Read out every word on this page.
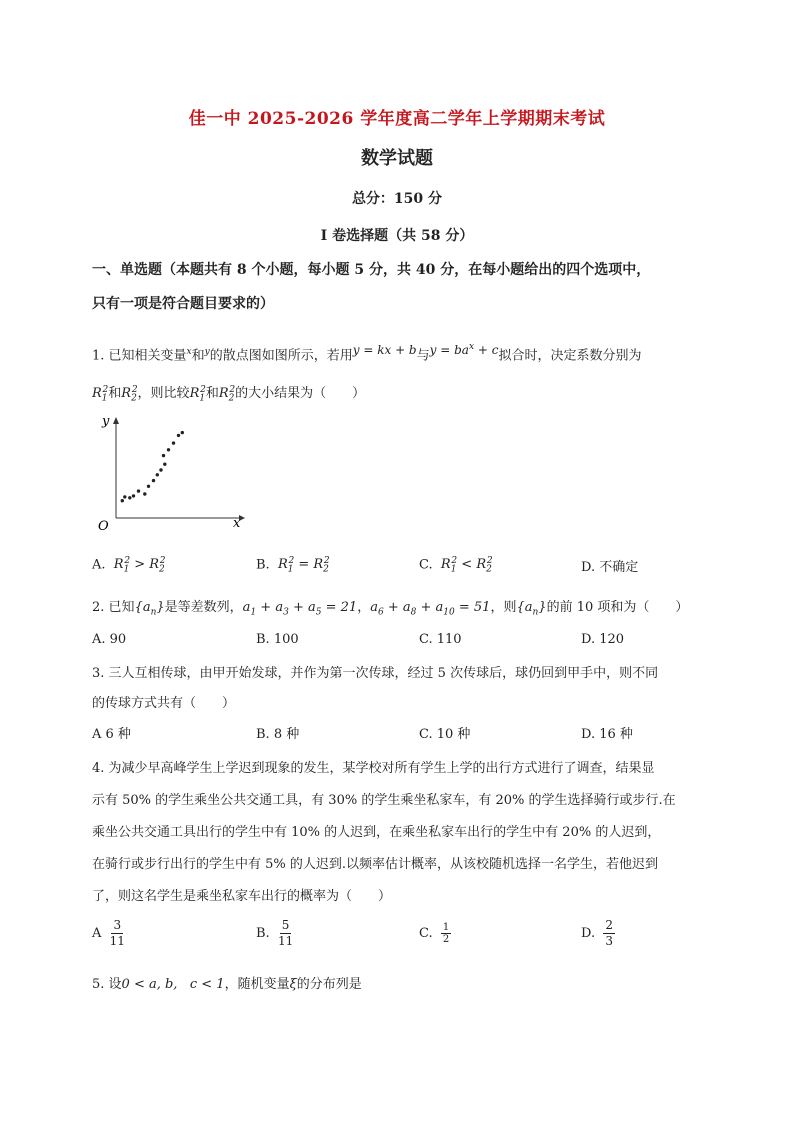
佳一中 2025-2026 学年度高二学年上学期期末考试
数学试题
总分：150 分
I 卷选择题（共 58 分）
一、单选题（本题共有 8 个小题，每小题 5 分，共 40 分，在每小题给出的四个选项中，
只有一项是符合题目要求的）
1. 已知相关变量$^x$和$^y$的散点图如图所示，若用$^{y = kx + b}$与$^{y = ba^x + c}$拟合时，决定系数分别为
$R_1^2$和$R_2^2$，则比较$R_1^2$和$R_2^2$的大小结果为（　　）
y
x
O
A. $R_1^2 > R_2^2$	B. $R_1^2 = R_2^2$	C. $R_1^2 < R_2^2$	D. 不确定
2. 已知$\{a_n\}$是等差数列，$a_1 + a_3 + a_5 = 21$，$a_6 + a_8 + a_{10} = 51$，则$\{a_n\}$的前 10 项和为（　　）
A. 90	B. 100	C. 110	D. 120
3. 三人互相传球，由甲开始发球，并作为第一次传球，经过 5 次传球后，球仍回到甲手中，则不同
的传球方式共有（　　）
A 6 种	B. 8 种	C. 10 种	D. 16 种
4. 为减少早高峰学生上学迟到现象的发生，某学校对所有学生上学的出行方式进行了调查，结果显
示有 50% 的学生乘坐公共交通工具，有 30% 的学生乘坐私家车，有 20% 的学生选择骑行或步行.在
乘坐公共交通工具出行的学生中有 10% 的人迟到，在乘坐私家车出行的学生中有 20% 的人迟到，
在骑行或步行出行的学生中有 5% 的人迟到.以频率估计概率，从该校随机选择一名学生，若他迟到
了，则这名学生是乘坐私家车出行的概率为（　　）
A $\frac{3}{11}$	B. $\frac{5}{11}$	C. $\frac{1}{2}$	D. $\frac{2}{3}$
5. 设0 < a, b,   c < 1，随机变量ξ的分布列是
